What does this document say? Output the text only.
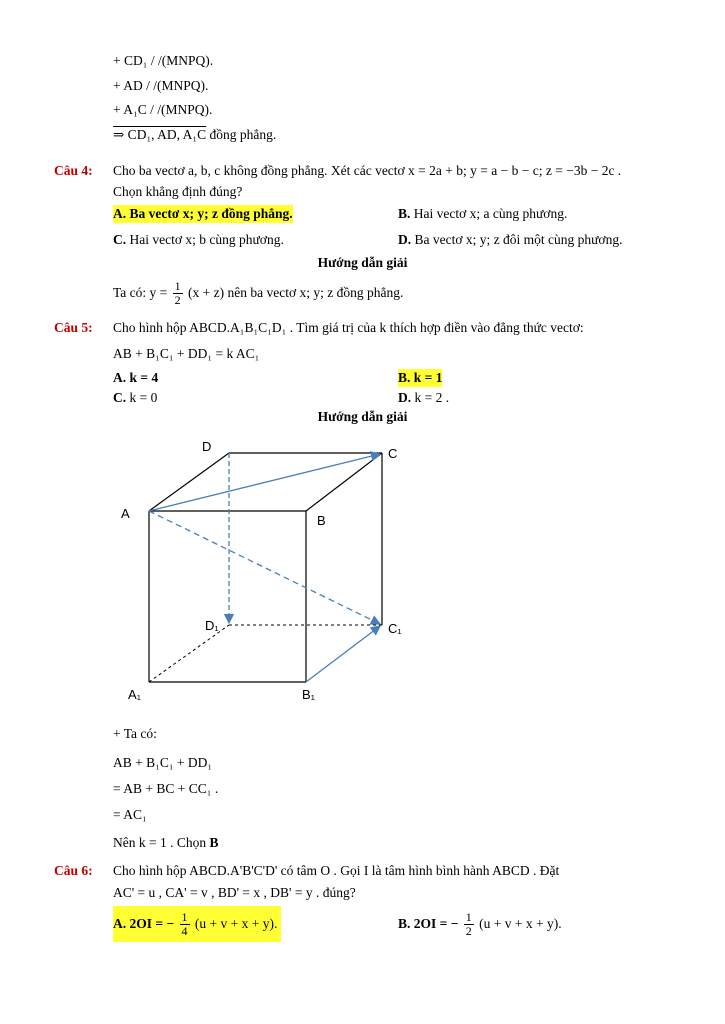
+ CD₁ / /(MNPQ).
+ AD / /(MNPQ).
+ A₁C / /(MNPQ).
⇒ CD₁, AD, A₁C đồng phẳng.
Câu 4: Cho ba vectơ a, b, c không đồng phẳng. Xét các vectơ x = 2a + b; y = a − b − c; z = −3b − 2c .
Chọn khẳng định đúng?
A. Ba vectơ x; y; z đồng phẳng.	B. Hai vectơ x; a cùng phương.
C. Hai vectơ x; b cùng phương.	D. Ba vectơ x; y; z đôi một cùng phương.
Hướng dẫn giải
Ta có: $y = \frac{1}{2} (x + z)$ nên ba vectơ x; y; z đồng phẳng.
Câu 5: Cho hình hộp ABCD.A₁B₁C₁D₁ . Tìm giá trị của k thích hợp điền vào đẳng thức vectơ:
AB + B₁C₁ + DD₁ = k AC₁
A. k = 4	B. k = 1
C. k = 0	D. k = 2 .
Hướng dẫn giải
D	C
A	B
D₁	C₁
A₁	B₁
+ Ta có:
AB + B₁C₁ + DD₁
= AB + BC + CC₁ .
= AC₁
Nên k = 1 . Chọn B
Câu 6: Cho hình hộp ABCD.A'B'C'D' có tâm O . Gọi I là tâm hình bình hành ABCD . Đặt
AC' = u , CA' = v , BD' = x , DB' = y . đúng?
A. 2OI = − $\frac{1}{4} (u + v + x + y)$.	B. 2OI = − $\frac{1}{2} (u + v + x + y)$.
